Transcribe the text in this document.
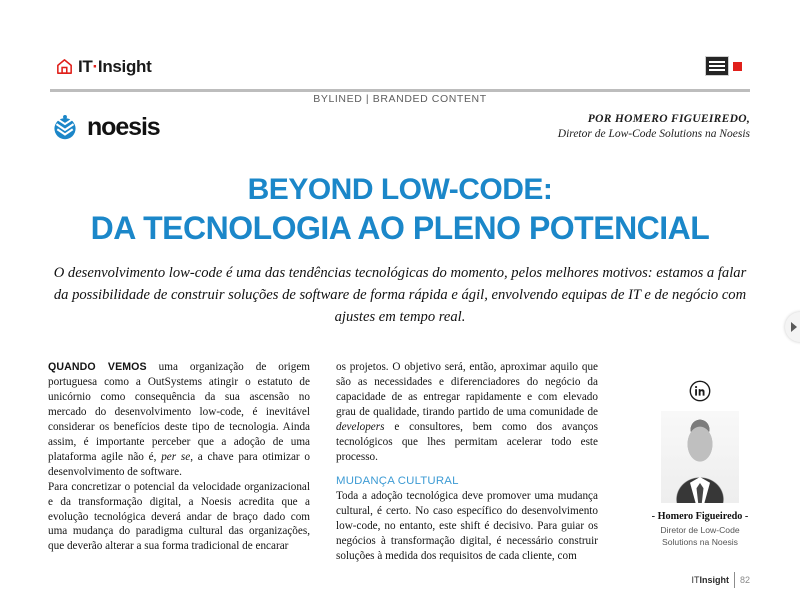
IT·Insight
BYLINED | BRANDED CONTENT
noesis	POR HOMERO FIGUEIREDO,
Diretor de Low-Code Solutions na Noesis
BEYOND LOW-CODE:
DA TECNOLOGIA AO PLENO POTENCIAL
O desenvolvimento low-code é uma das tendências tecnológicas do momento, pelos melhores motivos: estamos a falar da possibilidade de construir soluções de software de forma rápida e ágil, envolvendo equipas de IT e de negócio com ajustes em tempo real.

QUANDO VEMOS uma organização de origem portuguesa como a OutSystems atingir o estatuto de unicórnio como consequência da sua ascensão no mercado do desenvolvimento low-code, é inevitável considerar os benefícios deste tipo de tecnologia. Ainda assim, é importante perceber que a adoção de uma plataforma agile não é, per se, a chave para otimizar o desenvolvimento de software.

Para concretizar o potencial da velocidade organizacional e da transformação digital, a Noesis acredita que a evolução tecnológica deverá andar de braço dado com uma mudança do paradigma cultural das organizações, que deverão alterar a sua forma tradicional de encarar

os projetos. O objetivo será, então, aproximar aquilo que são as necessidades e diferenciadores do negócio da capacidade de as entregar rapidamente e com elevado grau de qualidade, tirando partido de uma comunidade de developers e consultores, bem como dos avanços tecnológicos que lhes permitam acelerar todo este processo.

MUDANÇA CULTURAL

Toda a adoção tecnológica deve promover uma mudança cultural, é certo. No caso específico do desenvolvimento low-code, no entanto, este shift é decisivo. Para guiar os negócios à transformação digital, é necessário construir soluções à medida dos requisitos de cada cliente, com

- Homero Figueiredo -
Diretor de Low-Code
Solutions na Noesis
ITInsight 82
